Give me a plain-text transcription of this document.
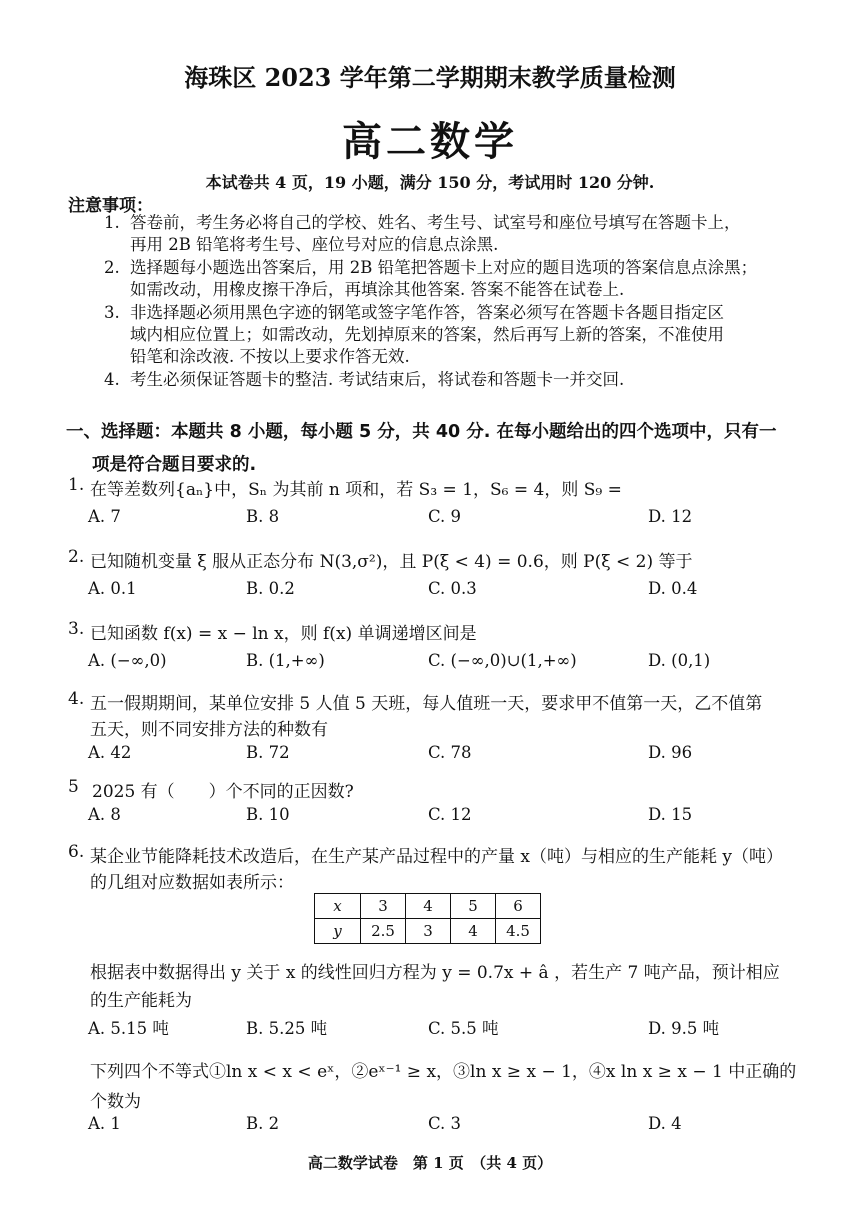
海珠区 2023 学年第二学期期末教学质量检测
高二数学
本试卷共 4 页，19 小题，满分 150 分，考试用时 120 分钟.
注意事项：
1. 答卷前，考生务必将自己的学校、姓名、考生号、试室号和座位号填写在答题卡上，
再用 2B 铅笔将考生号、座位号对应的信息点涂黑.
2. 选择题每小题选出答案后，用 2B 铅笔把答题卡上对应的题目选项的答案信息点涂黑；
如需改动，用橡皮擦干净后，再填涂其他答案. 答案不能答在试卷上.
3. 非选择题必须用黑色字迹的钢笔或签字笔作答，答案必须写在答题卡各题目指定区
域内相应位置上；如需改动，先划掉原来的答案，然后再写上新的答案，不准使用
铅笔和涂改液. 不按以上要求作答无效.
4. 考生必须保证答题卡的整洁. 考试结束后，将试卷和答题卡一并交回.
一、选择题：本题共 8 小题，每小题 5 分，共 40 分. 在每小题给出的四个选项中，只有一
项是符合题目要求的.
1. 在等差数列{aₙ}中，Sₙ 为其前 n 项和，若 S₃ = 1，S₆ = 4，则 S₉ =
A. 7	B. 8	C. 9	D. 12
2. 已知随机变量 ξ 服从正态分布 N(3,σ²)，且 P(ξ < 4) = 0.6，则 P(ξ < 2) 等于
A. 0.1	B. 0.2	C. 0.3	D. 0.4
3. 已知函数 f(x) = x − ln x，则 f(x) 单调递增区间是
A. (−∞,0)	B. (1,+∞)	C. (−∞,0)∪(1,+∞)	D. (0,1)
4. 五一假期期间，某单位安排 5 人值 5 天班，每人值班一天，要求甲不值第一天，乙不值第
五天，则不同安排方法的种数有
A. 42	B. 72	C. 78	D. 96
5 2025 有（　　）个不同的正因数?
A. 8	B. 10	C. 12	D. 15
6. 某企业节能降耗技术改造后，在生产某产品过程中的产量 x（吨）与相应的生产能耗 y（吨）
的几组对应数据如表所示：
x	3	4	5	6
y	2.5	3	4	4.5
根据表中数据得出 y 关于 x 的线性回归方程为 y = 0.7x + â ，若生产 7 吨产品，预计相应
的生产能耗为
A. 5.15 吨	B. 5.25 吨	C. 5.5 吨	D. 9.5 吨
下列四个不等式①ln x < x < eˣ，②eˣ⁻¹ ≥ x，③ln x ≥ x − 1，④x ln x ≥ x − 1 中正确的
个数为
A. 1	B. 2	C. 3	D. 4
高二数学试卷　第 1 页　（共 4 页）
